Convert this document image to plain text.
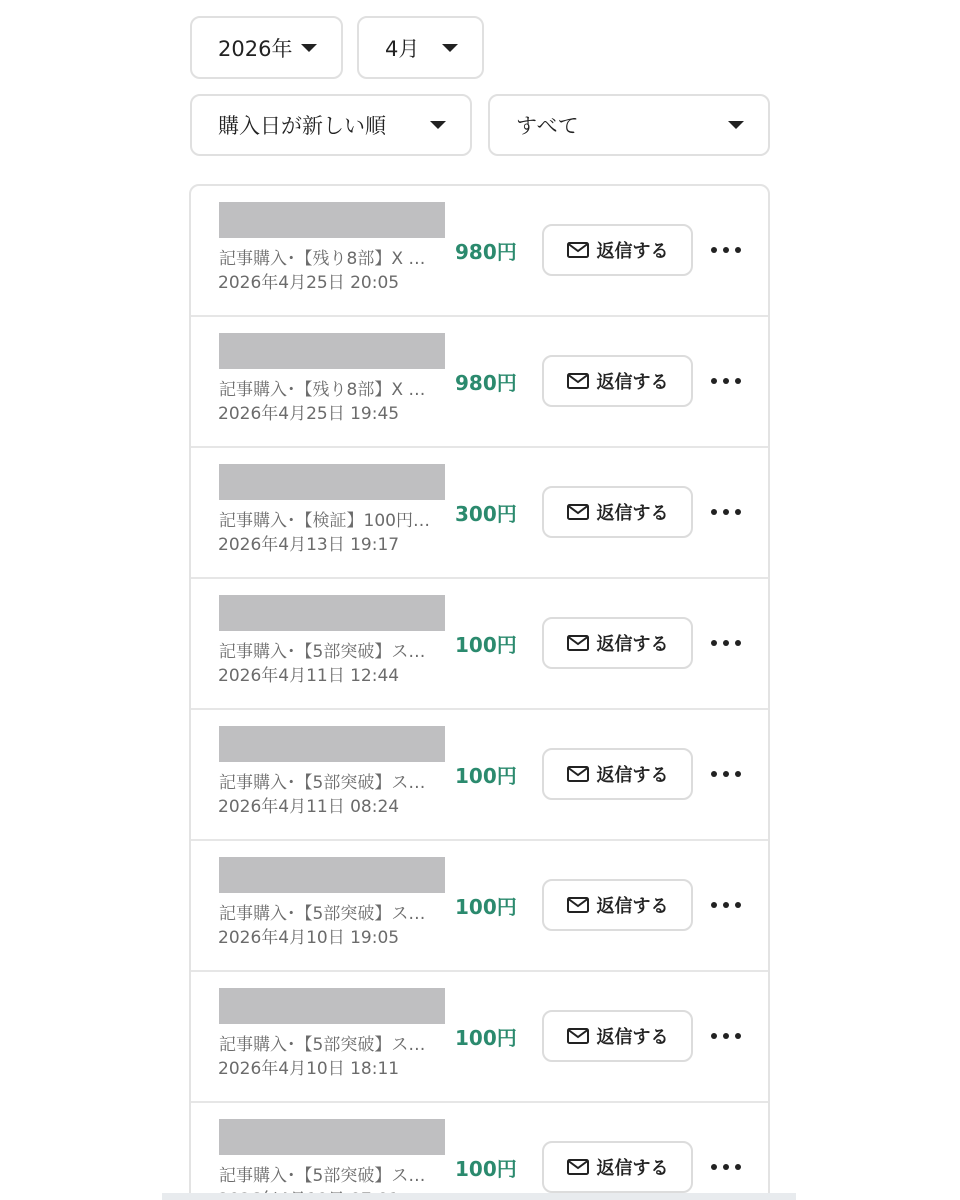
2026年	4月
購入日が新しい順	すべて
記事購入･【残り8部】X …
2026年4月25日 20:05
980円	返信する
記事購入･【残り8部】X …
2026年4月25日 19:45
980円	返信する
記事購入･【検証】100円…
2026年4月13日 19:17
300円	返信する
記事購入･【5部突破】ス…
2026年4月11日 12:44
100円	返信する
記事購入･【5部突破】ス…
2026年4月11日 08:24
100円	返信する
記事購入･【5部突破】ス…
2026年4月10日 19:05
100円	返信する
記事購入･【5部突破】ス…
2026年4月10日 18:11
100円	返信する
記事購入･【5部突破】ス…	100円	返信する
